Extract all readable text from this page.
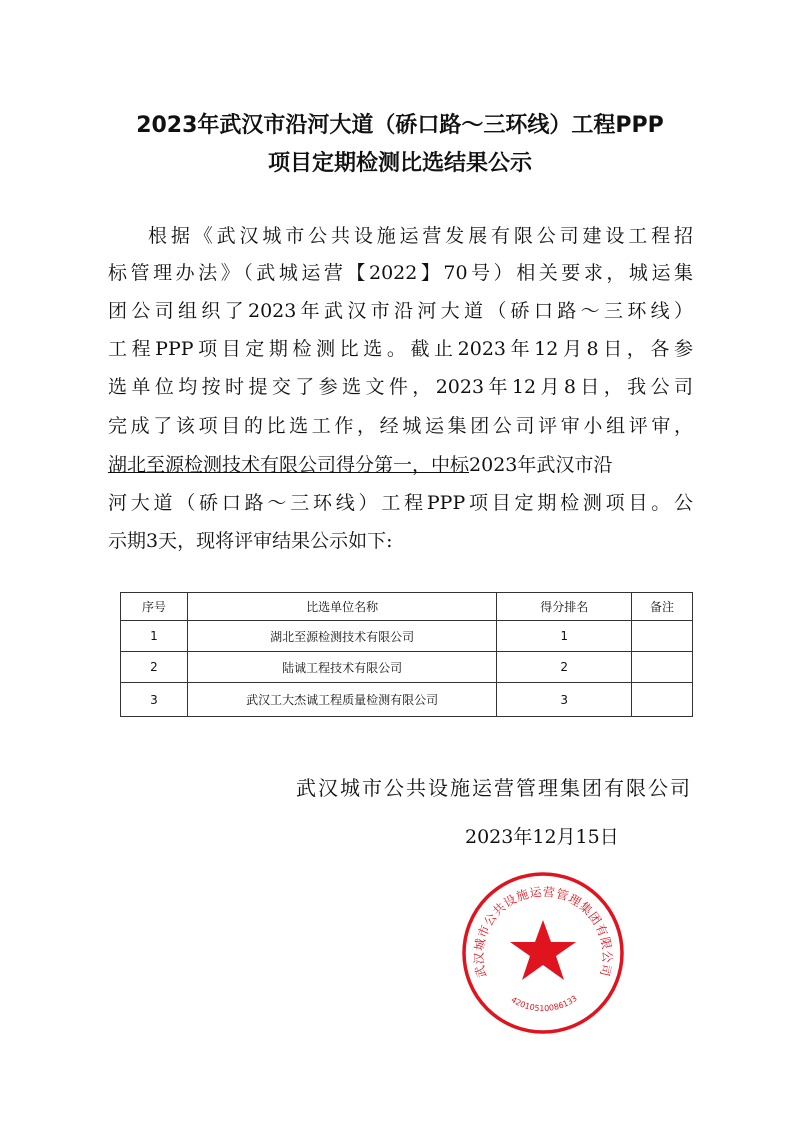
2023年武汉市沿河大道（硚口路～三环线）工程PPP
项目定期检测比选结果公示
根据《武汉城市公共设施运营发展有限公司建设工程招
标管理办法》（武城运营【2022】70号）相关要求，城运集
团公司组织了2023年武汉市沿河大道（硚口路～三环线）
工程PPP项目定期检测比选。截止2023年12月8日，各参
选单位均按时提交了参选文件，2023年12月8日，我公司
完成了该项目的比选工作，经城运集团公司评审小组评审，
湖北至源检测技术有限公司得分第一，中标2023年武汉市沿
河大道（硚口路～三环线）工程PPP项目定期检测项目。公
示期3天，现将评审结果公示如下:
序号	比选单位名称	得分排名	备注
1	湖北至源检测技术有限公司	1	
2	陆诚工程技术有限公司	2	
3	武汉工大杰诚工程质量检测有限公司	3	
武汉城市公共设施运营管理集团有限公司
2023年12月15日
武汉城市公共设施运营管理集团有限公司
42010510086133
